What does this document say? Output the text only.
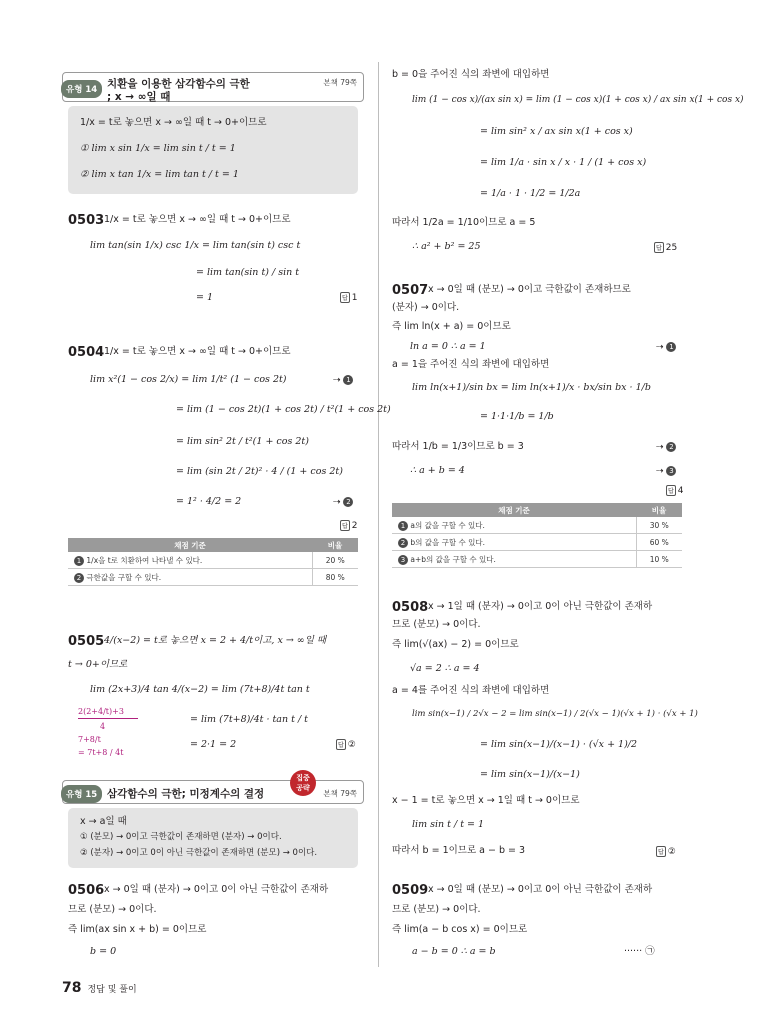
유형 14 치환을 이용한 삼각함수의 극한
; x → ∞일 때
본책 79쪽
1/x = t로 놓으면 x → ∞일 때 t → 0+이므로
① lim x sin 1/x = lim sin t / t = 1
② lim x tan 1/x = lim tan t / t = 1
0503 1/x = t로 놓으면 x → ∞일 때 t → 0+이므로
lim tan(sin 1/x) csc 1/x = lim tan(sin t) csc t
= lim tan(sin t) / sin t
= 1	답 1
0504 1/x = t로 놓으면 x → ∞일 때 t → 0+이므로
lim x²(1 − cos 2/x) = lim 1/t² (1 − cos 2t)	⇢ 1
= lim (1 − cos 2t)(1 + cos 2t) / t²(1 + cos 2t)
= lim sin² 2t / t²(1 + cos 2t)
= lim (sin 2t / 2t)² · 4 / (1 + cos 2t)
= 1² · 4/2 = 2	⇢ 2
답 2
채점 기준	비율
1 1/x을 t로 치환하여 나타낼 수 있다.	20 %
2 극한값을 구할 수 있다.	80 %
0505 4/(x−2) = t로 놓으면 x = 2 + 4/t이고, x → ∞일 때
t → 0+이므로
lim (2x+3)/4 tan 4/(x−2) = lim (7t+8)/4t tan t
2(2+4/t)+3
4
7+8/t
= 7t+8 / 4t
= lim (7t+8)/4t · tan t / t
= 2·1 = 2	답 ②
유형 15 삼각함수의 극한; 미정계수의 결정	본책 79쪽
집중
공략
x → a일 때
① (분모) → 0이고 극한값이 존재하면 (분자) → 0이다.
② (분자) → 0이고 0이 아닌 극한값이 존재하면 (분모) → 0이다.
0506 x → 0일 때 (분자) → 0이고 0이 아닌 극한값이 존재하
므로 (분모) → 0이다.
즉 lim(ax sin x + b) = 0이므로
b = 0
b = 0을 주어진 식의 좌변에 대입하면
lim (1 − cos x)/(ax sin x) = lim (1 − cos x)(1 + cos x) / ax sin x(1 + cos x)
= lim sin² x / ax sin x(1 + cos x)
= lim 1/a · sin x / x · 1 / (1 + cos x)
= 1/a · 1 · 1/2 = 1/2a
따라서 1/2a = 1/10이므로 a = 5
∴ a² + b² = 25	답 25
0507 x → 0일 때 (분모) → 0이고 극한값이 존재하므로
(분자) → 0이다.
즉 lim ln(x + a) = 0이므로
ln a = 0 ∴ a = 1	⇢ 1
a = 1을 주어진 식의 좌변에 대입하면
lim ln(x+1)/sin bx = lim ln(x+1)/x · bx/sin bx · 1/b
= 1·1·1/b = 1/b
따라서 1/b = 1/3이므로 b = 3	⇢ 2
∴ a + b = 4	⇢ 3
답 4
채점 기준	비율
1 a의 값을 구할 수 있다.	30 %
2 b의 값을 구할 수 있다.	60 %
3 a+b의 값을 구할 수 있다.	10 %
0508 x → 1일 때 (분자) → 0이고 0이 아닌 극한값이 존재하
므로 (분모) → 0이다.
즉 lim(√(ax) − 2) = 0이므로
√a = 2 ∴ a = 4
a = 4를 주어진 식의 좌변에 대입하면
lim sin(x−1) / 2√x − 2 = lim sin(x−1) / 2(√x − 1)(√x + 1) · (√x + 1)
= lim sin(x−1)/(x−1) · (√x + 1)/2
= lim sin(x−1)/(x−1)
x − 1 = t로 놓으면 x → 1일 때 t → 0이므로
lim sin t / t = 1
따라서 b = 1이므로 a − b = 3	답 ②
0509 x → 0일 때 (분모) → 0이고 0이 아닌 극한값이 존재하
므로 (분모) → 0이다.
즉 lim(a − b cos x) = 0이므로
a − b = 0 ∴ a = b	······ ㉠
78 정답 및 풀이
